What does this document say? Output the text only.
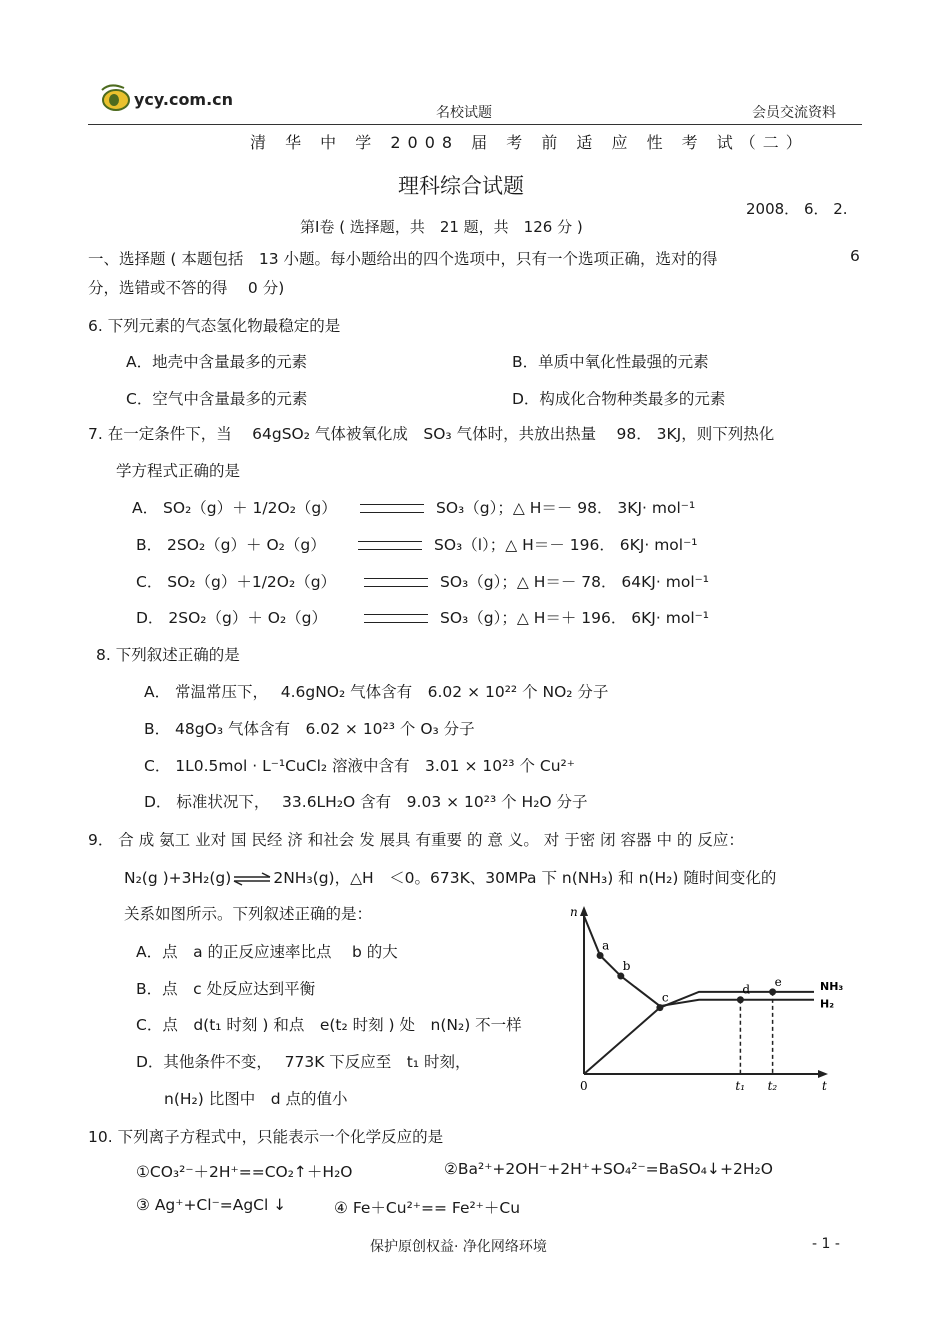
ycy.com.cn
名校试题	会员交流资料
清 华 中 学 2008 届 考 前 适 应 性 考 试（二）
理科综合试题
2008． 6． 2.
第Ⅰ卷 ( 选择题，共　21 题，共　126 分 )
一、选择题 ( 本题包括　13 小题。每小题给出的四个选项中，只有一个选项正确，选对的得	6
分，选错或不答的得　 0 分)
6. 下列元素的气态氢化物最稳定的是
A．地壳中含量最多的元素	B．单质中氧化性最强的元素
C．空气中含量最多的元素	D．构成化合物种类最多的元素
7. 在一定条件下，当　 64gSO₂ 气体被氧化成　SO₃ 气体时，共放出热量　 98． 3KJ，则下列热化
学方程式正确的是
A． SO₂（g）＋ 1/2O₂（g）	SO₃（g）；△ H＝－ 98． 3KJ· mol⁻¹
B． 2SO₂（g）＋ O₂（g）	SO₃（l）；△ H＝－ 196． 6KJ· mol⁻¹
C． SO₂（g）＋1/2O₂（g）	SO₃（g）；△ H＝－ 78． 64KJ· mol⁻¹
D． 2SO₂（g）＋ O₂（g）	SO₃（g）；△ H＝＋ 196． 6KJ· mol⁻¹
8. 下列叙述正确的是
A． 常温常压下，　 4.6gNO₂ 气体含有　6.02 × 10²² 个 NO₂ 分子
B． 48gO₃ 气体含有　6.02 × 10²³ 个 O₃ 分子
C． 1L0.5mol · L⁻¹CuCl₂ 溶液中含有　3.01 × 10²³ 个 Cu²⁺
D． 标准状况下，　 33.6LH₂O 含有　9.03 × 10²³ 个 H₂O 分子
9． 合 成 氨工 业对 国 民经 济 和社会 发 展具 有重要 的 意 义。 对 于密 闭 容器 中 的 反应：
N₂(g )+3H₂(g) ⇌ 2NH₃(g)，△H　＜0。673K、30MPa 下 n(NH₃) 和 n(H₂) 随时间变化的
关系如图所示。下列叙述正确的是：
A．点　a 的正反应速率比点　 b 的大
B．点　c 处反应达到平衡
C．点　d(t₁ 时刻 ) 和点　e(t₂ 时刻 ) 处　n(N₂) 不一样
D．其他条件不变，　 773K 下反应至　t₁ 时刻，
n(H₂) 比图中　d 点的值小
n
t
0
NH₃
H₂
a
b
c
d
e
t₁ t₂
10. 下列离子方程式中，只能表示一个化学反应的是
①CO₃²⁻＋2H⁺==CO₂↑＋H₂O	②Ba²⁺+2OH⁻+2H⁺+SO₄²⁻=BaSO₄↓+2H₂O
③ Ag⁺+Cl⁻=AgCl ↓	④ Fe＋Cu²⁺== Fe²⁺＋Cu
保护原创权益· 净化网络环境	- 1 -
